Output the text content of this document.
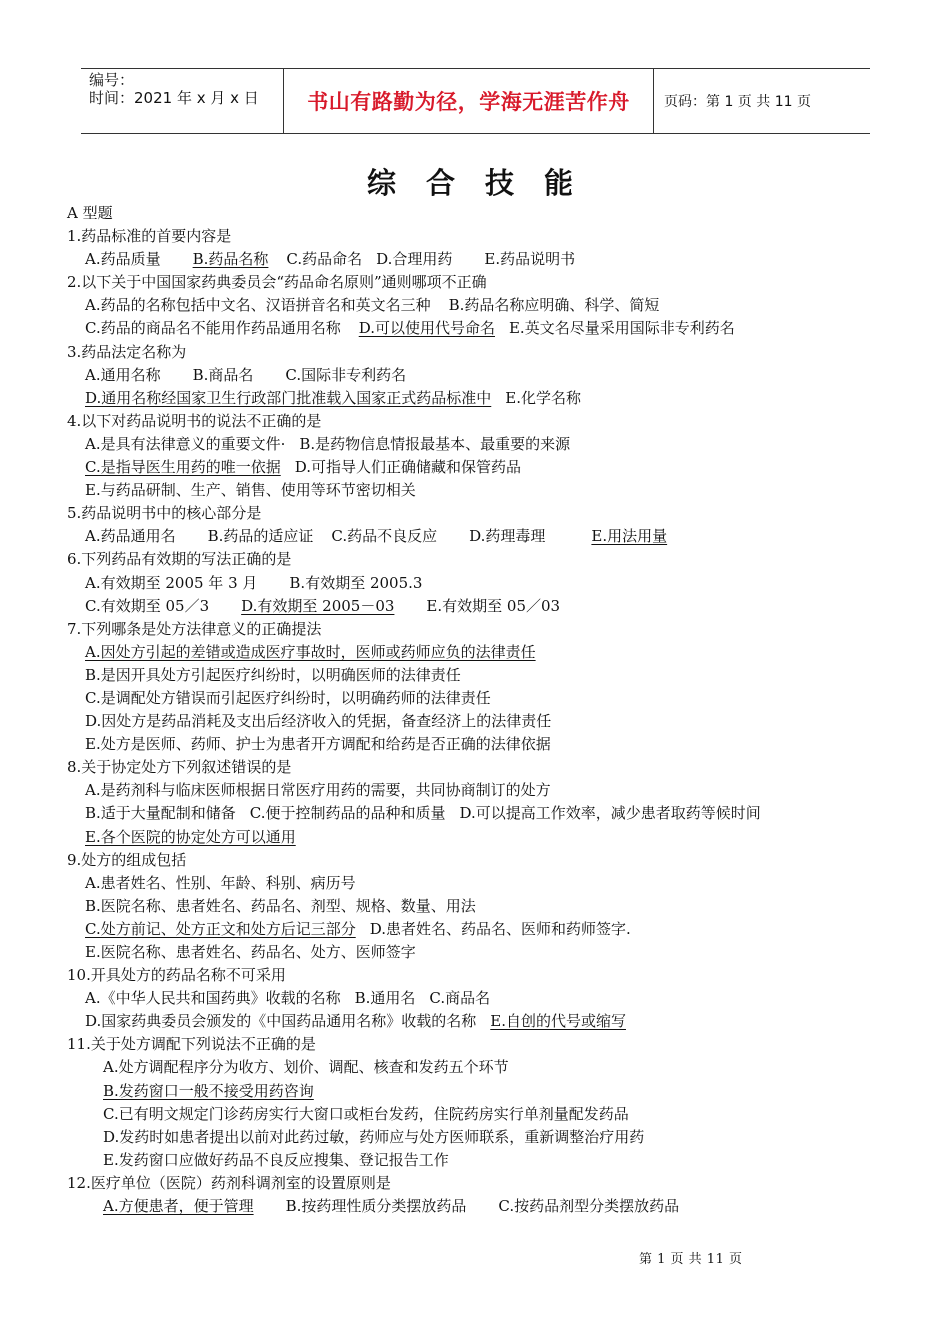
编号：
时间：2021 年 x 月 x 日	书山有路勤为径，学海无涯苦作舟	页码：第 1 页 共 11 页
综合技能
A 型题
1.药品标准的首要内容是
A.药品质量 B.药品名称 C.药品命名 D.合理用药 E.药品说明书
2.以下关于中国国家药典委员会“药品命名原则”通则哪项不正确
A.药品的名称包括中文名、汉语拼音名和英文名三种 B.药品名称应明确、科学、简短
C.药品的商品名不能用作药品通用名称 D.可以使用代号命名 E.英文名尽量采用国际非专利药名
3.药品法定名称为
A.通用名称 B.商品名 C.国际非专利药名
D.通用名称经国家卫生行政部门批准载入国家正式药品标准中 E.化学名称
4.以下对药品说明书的说法不正确的是
A.是具有法律意义的重要文件· B.是药物信息情报最基本、最重要的来源
C.是指导医生用药的唯一依据 D.可指导人们正确储藏和保管药品
E.与药品研制、生产、销售、使用等环节密切相关
5.药品说明书中的核心部分是
A.药品通用名 B.药品的适应证 C.药品不良反应 D.药理毒理	E.用法用量
6.下列药品有效期的写法正确的是
A.有效期至 2005 年 3 月 B.有效期至 2005.3
C.有效期至 05／3 D.有效期至 2005－03 E.有效期至 05／03
7.下列哪条是处方法律意义的正确提法
A.因处方引起的差错或造成医疗事故时，医师或药师应负的法律责任
B.是因开具处方引起医疗纠纷时，以明确医师的法律责任
C.是调配处方错误而引起医疗纠纷时，以明确药师的法律责任
D.因处方是药品消耗及支出后经济收入的凭据，备查经济上的法律责任
E.处方是医师、药师、护士为患者开方调配和给药是否正确的法律依据
8.关于协定处方下列叙述错误的是
A.是药剂科与临床医师根据日常医疗用药的需要，共同协商制订的处方
B.适于大量配制和储备 C.便于控制药品的品种和质量 D.可以提高工作效率，减少患者取药等候时间
E.各个医院的协定处方可以通用
9.处方的组成包括
A.患者姓名、性别、年龄、科别、病历号
B.医院名称、患者姓名、药品名、剂型、规格、数量、用法
C.处方前记、处方正文和处方后记三部分 D.患者姓名、药品名、医师和药师签字.
E.医院名称、患者姓名、药品名、处方、医师签字
10.开具处方的药品名称不可采用
A.《中华人民共和国药典》收载的名称 B.通用名 C.商品名
D.国家药典委员会颁发的《中国药品通用名称》收载的名称 E.自创的代号或缩写
11.关于处方调配下列说法不正确的是
A.处方调配程序分为收方、划价、调配、核查和发药五个环节
B.发药窗口一般不接受用药咨询
C.已有明文规定门诊药房实行大窗口或柜台发药，住院药房实行单剂量配发药品
D.发药时如患者提出以前对此药过敏，药师应与处方医师联系，重新调整治疗用药
E.发药窗口应做好药品不良反应搜集、登记报告工作
12.医疗单位（医院）药剂科调剂室的设置原则是
A.方便患者，便于管理 B.按药理性质分类摆放药品 C.按药品剂型分类摆放药品
第 1 页 共 11 页
